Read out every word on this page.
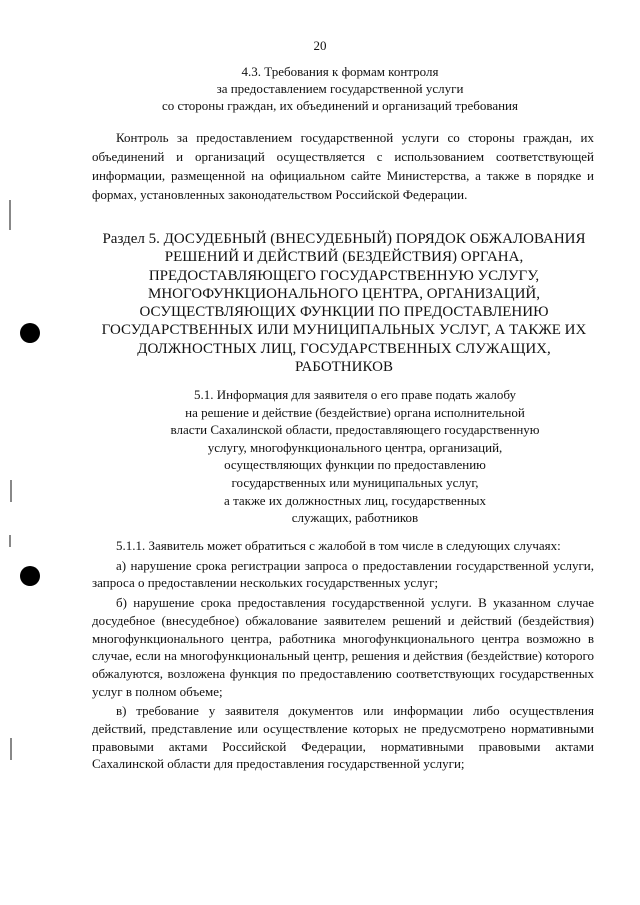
20
4.3. Требования к формам контроля
за предоставлением государственной услуги
со стороны граждан, их объединений и организаций требования
Контроль за предоставлением государственной услуги со стороны граждан, их объединений и организаций осуществляется с использованием соответствующей информации, размещенной на официальном сайте Министерства, а также в порядке и формах, установленных законодательством Российской Федерации.
Раздел 5. ДОСУДЕБНЫЙ (ВНЕСУДЕБНЫЙ) ПОРЯДОК ОБЖАЛОВАНИЯ
РЕШЕНИЙ И ДЕЙСТВИЙ (БЕЗДЕЙСТВИЯ) ОРГАНА,
ПРЕДОСТАВЛЯЮЩЕГО ГОСУДАРСТВЕННУЮ УСЛУГУ,
МНОГОФУНКЦИОНАЛЬНОГО ЦЕНТРА, ОРГАНИЗАЦИЙ,
ОСУЩЕСТВЛЯЮЩИХ ФУНКЦИИ ПО ПРЕДОСТАВЛЕНИЮ
ГОСУДАРСТВЕННЫХ ИЛИ МУНИЦИПАЛЬНЫХ УСЛУГ, А ТАКЖЕ ИХ
ДОЛЖНОСТНЫХ ЛИЦ, ГОСУДАРСТВЕННЫХ СЛУЖАЩИХ,
РАБОТНИКОВ
5.1. Информация для заявителя о его праве подать жалобу
на решение и действие (бездействие) органа исполнительной
власти Сахалинской области, предоставляющего государственную
услугу, многофункционального центра, организаций,
осуществляющих функции по предоставлению
государственных или муниципальных услуг,
а также их должностных лиц, государственных
служащих, работников

5.1.1. Заявитель может обратиться с жалобой в том числе в следующих случаях:

а) нарушение срока регистрации запроса о предоставлении государственной услуги, запроса о предоставлении нескольких государственных услуг;

б) нарушение срока предоставления государственной услуги. В указанном случае досудебное (внесудебное) обжалование заявителем решений и действий (бездействия) многофункционального центра, работника многофункционального центра возможно в случае, если на многофункциональный центр, решения и действия (бездействие) которого обжалуются, возложена функция по предоставлению соответствующих государственных услуг в полном объеме;

в) требование у заявителя документов или информации либо осуществления действий, представление или осуществление которых не предусмотрено нормативными правовыми актами Российской Федерации, нормативными правовыми актами Сахалинской области для предоставления государственной услуги;
